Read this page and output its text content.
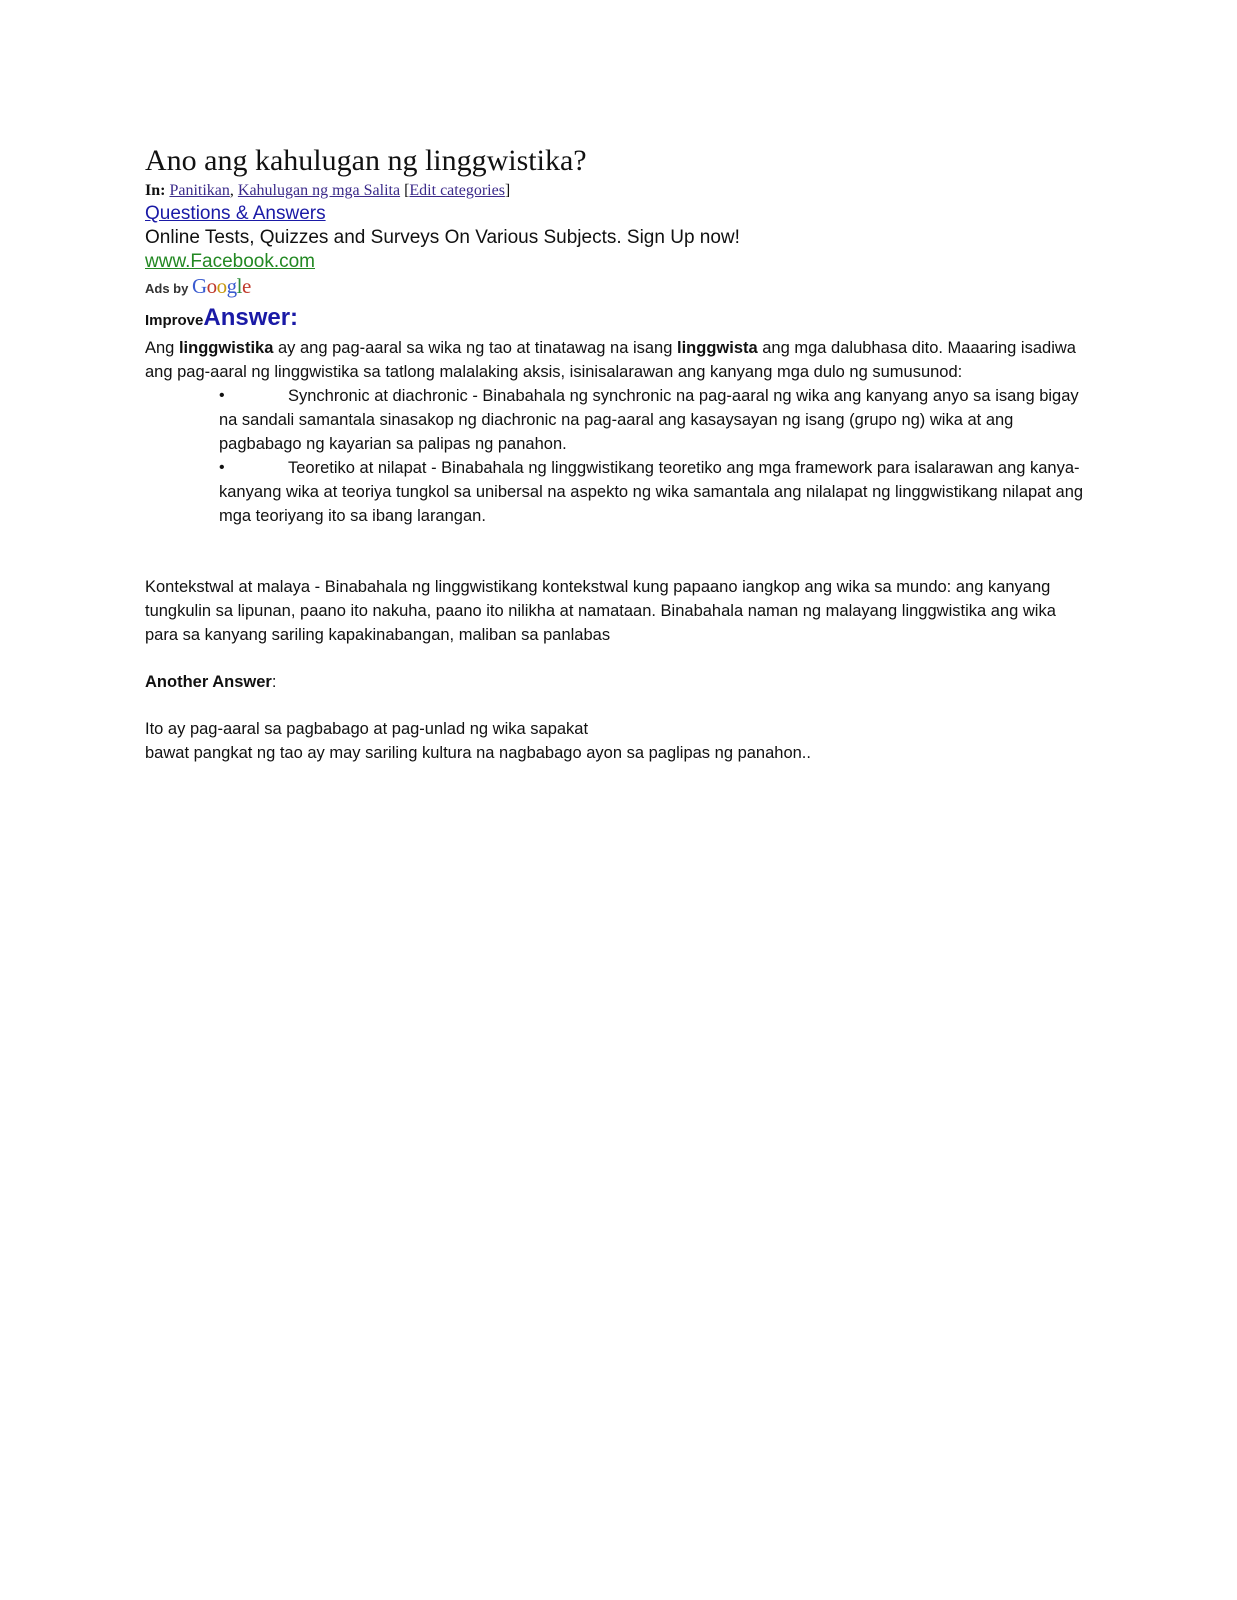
Ano ang kahulugan ng linggwistika?
In: Panitikan, Kahulugan ng mga Salita [Edit categories]
Questions & Answers
Online Tests, Quizzes and Surveys On Various Subjects. Sign Up now!
www.Facebook.com
Ads by Google
ImproveAnswer:

Ang linggwistika ay ang pag-aaral sa wika ng tao at tinatawag na isang linggwista ang mga dalubhasa dito. Maaaring isadiwa ang pag-aaral ng linggwistika sa tatlong malalaking aksis, isinisalarawan ang kanyang mga dulo ng sumusunod:

•	Synchronic at diachronic - Binabahala ng synchronic na pag-aaral ng wika ang kanyang anyo sa isang bigay na sandali samantala sinasakop ng diachronic na pag-aaral ang kasaysayan ng isang (grupo ng) wika at ang pagbabago ng kayarian sa palipas ng panahon.
•	Teoretiko at nilapat - Binabahala ng linggwistikang teoretiko ang mga framework para isalarawan ang kanya-kanyang wika at teoriya tungkol sa unibersal na aspekto ng wika samantala ang nilalapat ng linggwistikang nilapat ang mga teoriyang ito sa ibang larangan.

Kontekstwal at malaya - Binabahala ng linggwistikang kontekstwal kung papaano iangkop ang wika sa mundo: ang kanyang tungkulin sa lipunan, paano ito nakuha, paano ito nilikha at namataan. Binabahala naman ng malayang linggwistika ang wika para sa kanyang sariling kapakinabangan, maliban sa panlabas

Another Answer:

Ito ay pag-aaral sa pagbabago at pag-unlad ng wika sapakat
bawat pangkat ng tao ay may sariling kultura na nagbabago ayon sa paglipas ng panahon..
